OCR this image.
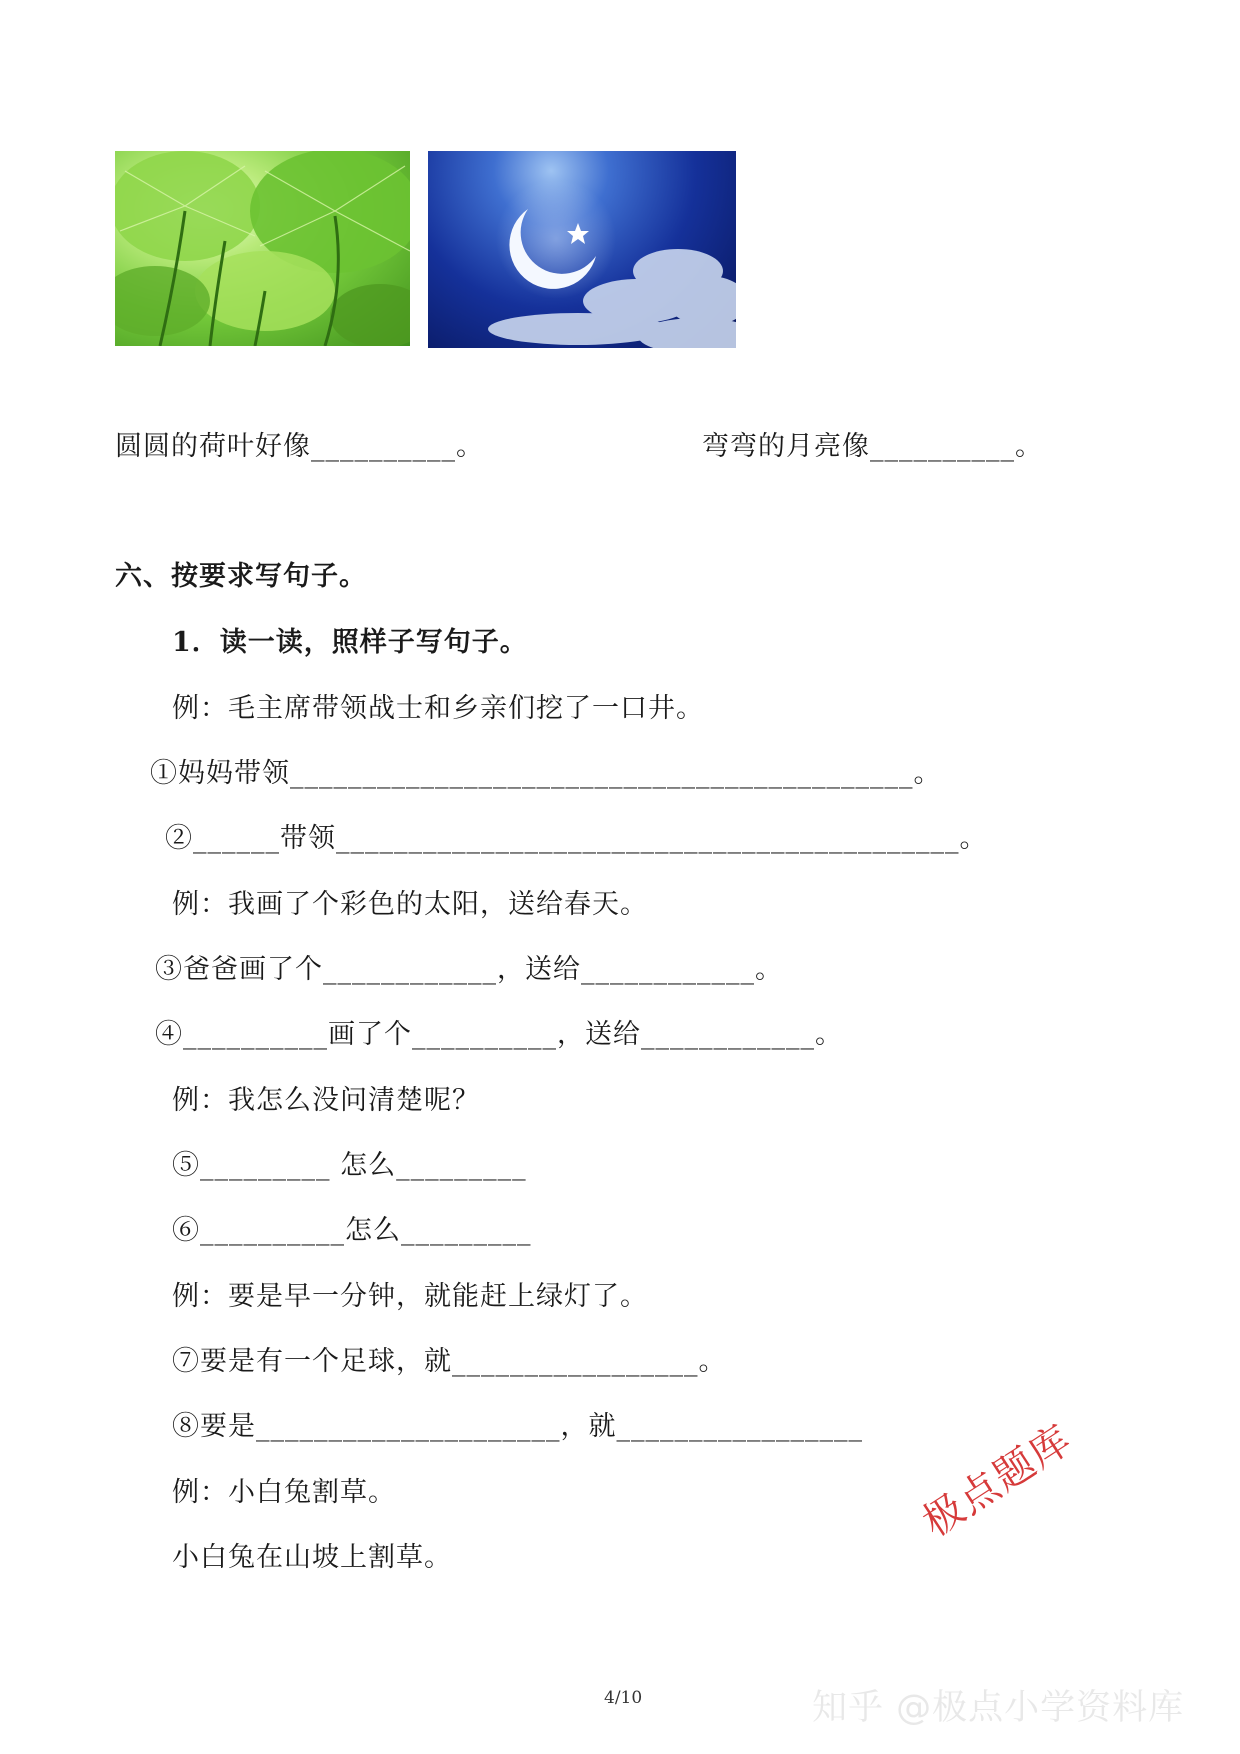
圆圆的荷叶好像__________。	弯弯的月亮像__________。
六、按要求写句子。
1．读一读，照样子写句子。
例：毛主席带领战士和乡亲们挖了一口井。
①妈妈带领___________________________________________。
②______带领___________________________________________。
例：我画了个彩色的太阳，送给春天。
③爸爸画了个____________，送给____________。
④__________画了个__________，送给____________。
例：我怎么没问清楚呢？
⑤_________ 怎么_________
⑥__________怎么_________
例：要是早一分钟，就能赶上绿灯了。
⑦要是有一个足球，就_________________。
⑧要是_____________________，就_________________
例：小白兔割草。
小白兔在山坡上割草。
极点题库
4/10	知乎 @极点小学资料库
